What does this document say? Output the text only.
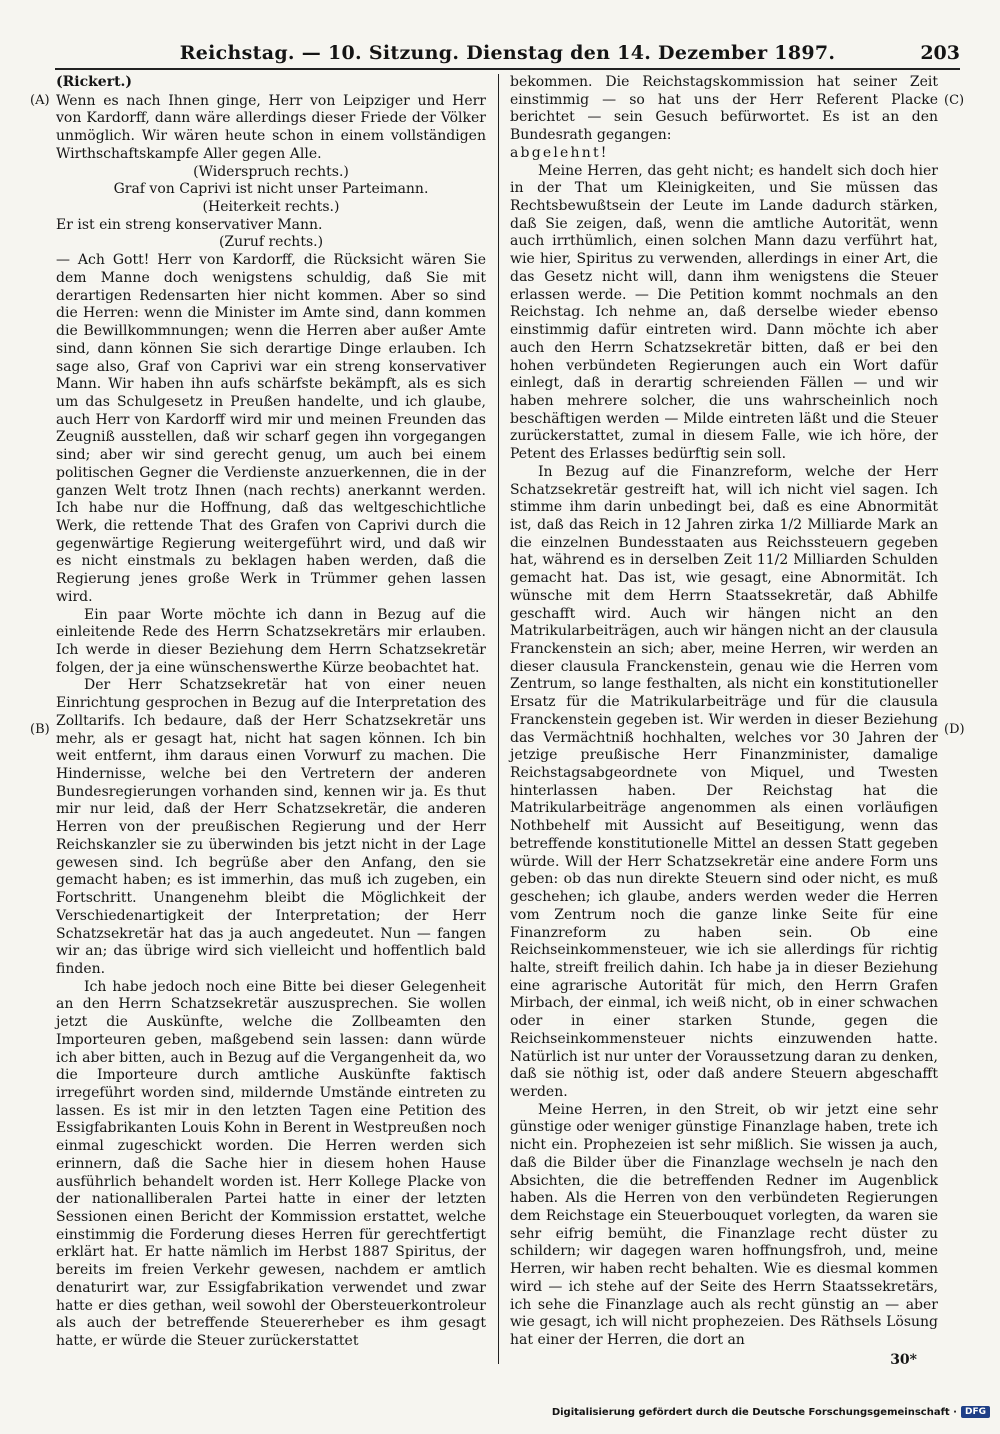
Reichstag. — 10. Sitzung. Dienstag den 14. Dezember 1897.	203
(A)
(B)
(C)
(D)

(Rickert.)

Wenn es nach Ihnen ginge, Herr von Leipziger und Herr von Kardorff, dann wäre allerdings dieser Friede der Völker unmöglich. Wir wären heute schon in einem vollständigen Wirthschaftskampfe Aller gegen Alle.

(Widerspruch rechts.)

Graf von Caprivi ist nicht unser Parteimann.

(Heiterkeit rechts.)

Er ist ein streng konservativer Mann.

(Zuruf rechts.)

— Ach Gott! Herr von Kardorff, die Rücksicht wären Sie dem Manne doch wenigstens schuldig, daß Sie mit derartigen Redensarten hier nicht kommen. Aber so sind die Herren: wenn die Minister im Amte sind, dann kommen die Bewillkommnungen; wenn die Herren aber außer Amte sind, dann können Sie sich derartige Dinge erlauben. Ich sage also, Graf von Caprivi war ein streng konservativer Mann. Wir haben ihn aufs schärfste bekämpft, als es sich um das Schulgesetz in Preußen handelte, und ich glaube, auch Herr von Kardorff wird mir und meinen Freunden das Zeugniß ausstellen, daß wir scharf gegen ihn vorgegangen sind; aber wir sind gerecht genug, um auch bei einem politischen Gegner die Verdienste anzuerkennen, die in der ganzen Welt trotz Ihnen (nach rechts) anerkannt werden. Ich habe nur die Hoffnung, daß das weltgeschichtliche Werk, die rettende That des Grafen von Caprivi durch die gegenwärtige Regierung weitergeführt wird, und daß wir es nicht einstmals zu beklagen haben werden, daß die Regierung jenes große Werk in Trümmer gehen lassen wird.

Ein paar Worte möchte ich dann in Bezug auf die einleitende Rede des Herrn Schatzsekretärs mir erlauben. Ich werde in dieser Beziehung dem Herrn Schatzsekretär folgen, der ja eine wünschenswerthe Kürze beobachtet hat.

Der Herr Schatzsekretär hat von einer neuen Einrichtung gesprochen in Bezug auf die Interpretation des Zolltarifs. Ich bedaure, daß der Herr Schatzsekretär uns mehr, als er gesagt hat, nicht hat sagen können. Ich bin weit entfernt, ihm daraus einen Vorwurf zu machen. Die Hindernisse, welche bei den Vertretern der anderen Bundesregierungen vorhanden sind, kennen wir ja. Es thut mir nur leid, daß der Herr Schatzsekretär, die anderen Herren von der preußischen Regierung und der Herr Reichskanzler sie zu überwinden bis jetzt nicht in der Lage gewesen sind. Ich begrüße aber den Anfang, den sie gemacht haben; es ist immerhin, das muß ich zugeben, ein Fortschritt. Unangenehm bleibt die Möglichkeit der Verschiedenartigkeit der Interpretation; der Herr Schatzsekretär hat das ja auch angedeutet. Nun — fangen wir an; das übrige wird sich vielleicht und hoffentlich bald finden.

Ich habe jedoch noch eine Bitte bei dieser Gelegenheit an den Herrn Schatzsekretär auszusprechen. Sie wollen jetzt die Auskünfte, welche die Zollbeamten den Importeuren geben, maßgebend sein lassen: dann würde ich aber bitten, auch in Bezug auf die Vergangenheit da, wo die Importeure durch amtliche Auskünfte faktisch irregeführt worden sind, mildernde Umstände eintreten zu lassen. Es ist mir in den letzten Tagen eine Petition des Essigfabrikanten Louis Kohn in Berent in Westpreußen noch einmal zugeschickt worden. Die Herren werden sich erinnern, daß die Sache hier in diesem hohen Hause ausführlich behandelt worden ist. Herr Kollege Placke von der nationalliberalen Partei hatte in einer der letzten Sessionen einen Bericht der Kommission erstattet, welche einstimmig die Forderung dieses Herren für gerechtfertigt erklärt hat. Er hatte nämlich im Herbst 1887 Spiritus, der bereits im freien Verkehr gewesen, nachdem er amtlich denaturirt war, zur Essigfabrikation verwendet und zwar hatte er dies gethan, weil sowohl der Obersteuerkontroleur als auch der betreffende Steuererheber es ihm gesagt hatte, er würde die Steuer zurückerstattet

bekommen. Die Reichstagskommission hat seiner Zeit einstimmig — so hat uns der Herr Referent Placke berichtet — sein Gesuch befürwortet. Es ist an den Bundesrath gegangen:

abgelehnt!

Meine Herren, das geht nicht; es handelt sich doch hier in der That um Kleinigkeiten, und Sie müssen das Rechtsbewußtsein der Leute im Lande dadurch stärken, daß Sie zeigen, daß, wenn die amtliche Autorität, wenn auch irrthümlich, einen solchen Mann dazu verführt hat, wie hier, Spiritus zu verwenden, allerdings in einer Art, die das Gesetz nicht will, dann ihm wenigstens die Steuer erlassen werde. — Die Petition kommt nochmals an den Reichstag. Ich nehme an, daß derselbe wieder ebenso einstimmig dafür eintreten wird. Dann möchte ich aber auch den Herrn Schatzsekretär bitten, daß er bei den hohen verbündeten Regierungen auch ein Wort dafür einlegt, daß in derartig schreienden Fällen — und wir haben mehrere solcher, die uns wahrscheinlich noch beschäftigen werden — Milde eintreten läßt und die Steuer zurückerstattet, zumal in diesem Falle, wie ich höre, der Petent des Erlasses bedürftig sein soll.

In Bezug auf die Finanzreform, welche der Herr Schatzsekretär gestreift hat, will ich nicht viel sagen. Ich stimme ihm darin unbedingt bei, daß es eine Abnormität ist, daß das Reich in 12 Jahren zirka 1/2 Milliarde Mark an die einzelnen Bundesstaaten aus Reichssteuern gegeben hat, während es in derselben Zeit 11/2 Milliarden Schulden gemacht hat. Das ist, wie gesagt, eine Abnormität. Ich wünsche mit dem Herrn Staatssekretär, daß Abhilfe geschafft wird. Auch wir hängen nicht an den Matrikularbeiträgen, auch wir hängen nicht an der clausula Franckenstein an sich; aber, meine Herren, wir werden an dieser clausula Franckenstein, genau wie die Herren vom Zentrum, so lange festhalten, als nicht ein konstitutioneller Ersatz für die Matrikularbeiträge und für die clausula Franckenstein gegeben ist. Wir werden in dieser Beziehung das Vermächtniß hochhalten, welches vor 30 Jahren der jetzige preußische Herr Finanzminister, damalige Reichstagsabgeordnete von Miquel, und Twesten hinterlassen haben. Der Reichstag hat die Matrikularbeiträge angenommen als einen vorläufigen Nothbehelf mit Aussicht auf Beseitigung, wenn das betreffende konstitutionelle Mittel an dessen Statt gegeben würde. Will der Herr Schatzsekretär eine andere Form uns geben: ob das nun direkte Steuern sind oder nicht, es muß geschehen; ich glaube, anders werden weder die Herren vom Zentrum noch die ganze linke Seite für eine Finanzreform zu haben sein. Ob eine Reichseinkommensteuer, wie ich sie allerdings für richtig halte, streift freilich dahin. Ich habe ja in dieser Beziehung eine agrarische Autorität für mich, den Herrn Grafen Mirbach, der einmal, ich weiß nicht, ob in einer schwachen oder in einer starken Stunde, gegen die Reichseinkommensteuer nichts einzuwenden hatte. Natürlich ist nur unter der Voraussetzung daran zu denken, daß sie nöthig ist, oder daß andere Steuern abgeschafft werden.

Meine Herren, in den Streit, ob wir jetzt eine sehr günstige oder weniger günstige Finanzlage haben, trete ich nicht ein. Prophezeien ist sehr mißlich. Sie wissen ja auch, daß die Bilder über die Finanzlage wechseln je nach den Absichten, die die betreffenden Redner im Augenblick haben. Als die Herren von den verbündeten Regierungen dem Reichstage ein Steuerbouquet vorlegten, da waren sie sehr eifrig bemüht, die Finanzlage recht düster zu schildern; wir dagegen waren hoffnungsfroh, und, meine Herren, wir haben recht behalten. Wie es diesmal kommen wird — ich stehe auf der Seite des Herrn Staatssekretärs, ich sehe die Finanzlage auch als recht günstig an — aber wie gesagt, ich will nicht prophezeien. Des Räthsels Lösung hat einer der Herren, die dort an

30*
Digitalisierung gefördert durch die Deutsche Forschungsgemeinschaft · DFG
